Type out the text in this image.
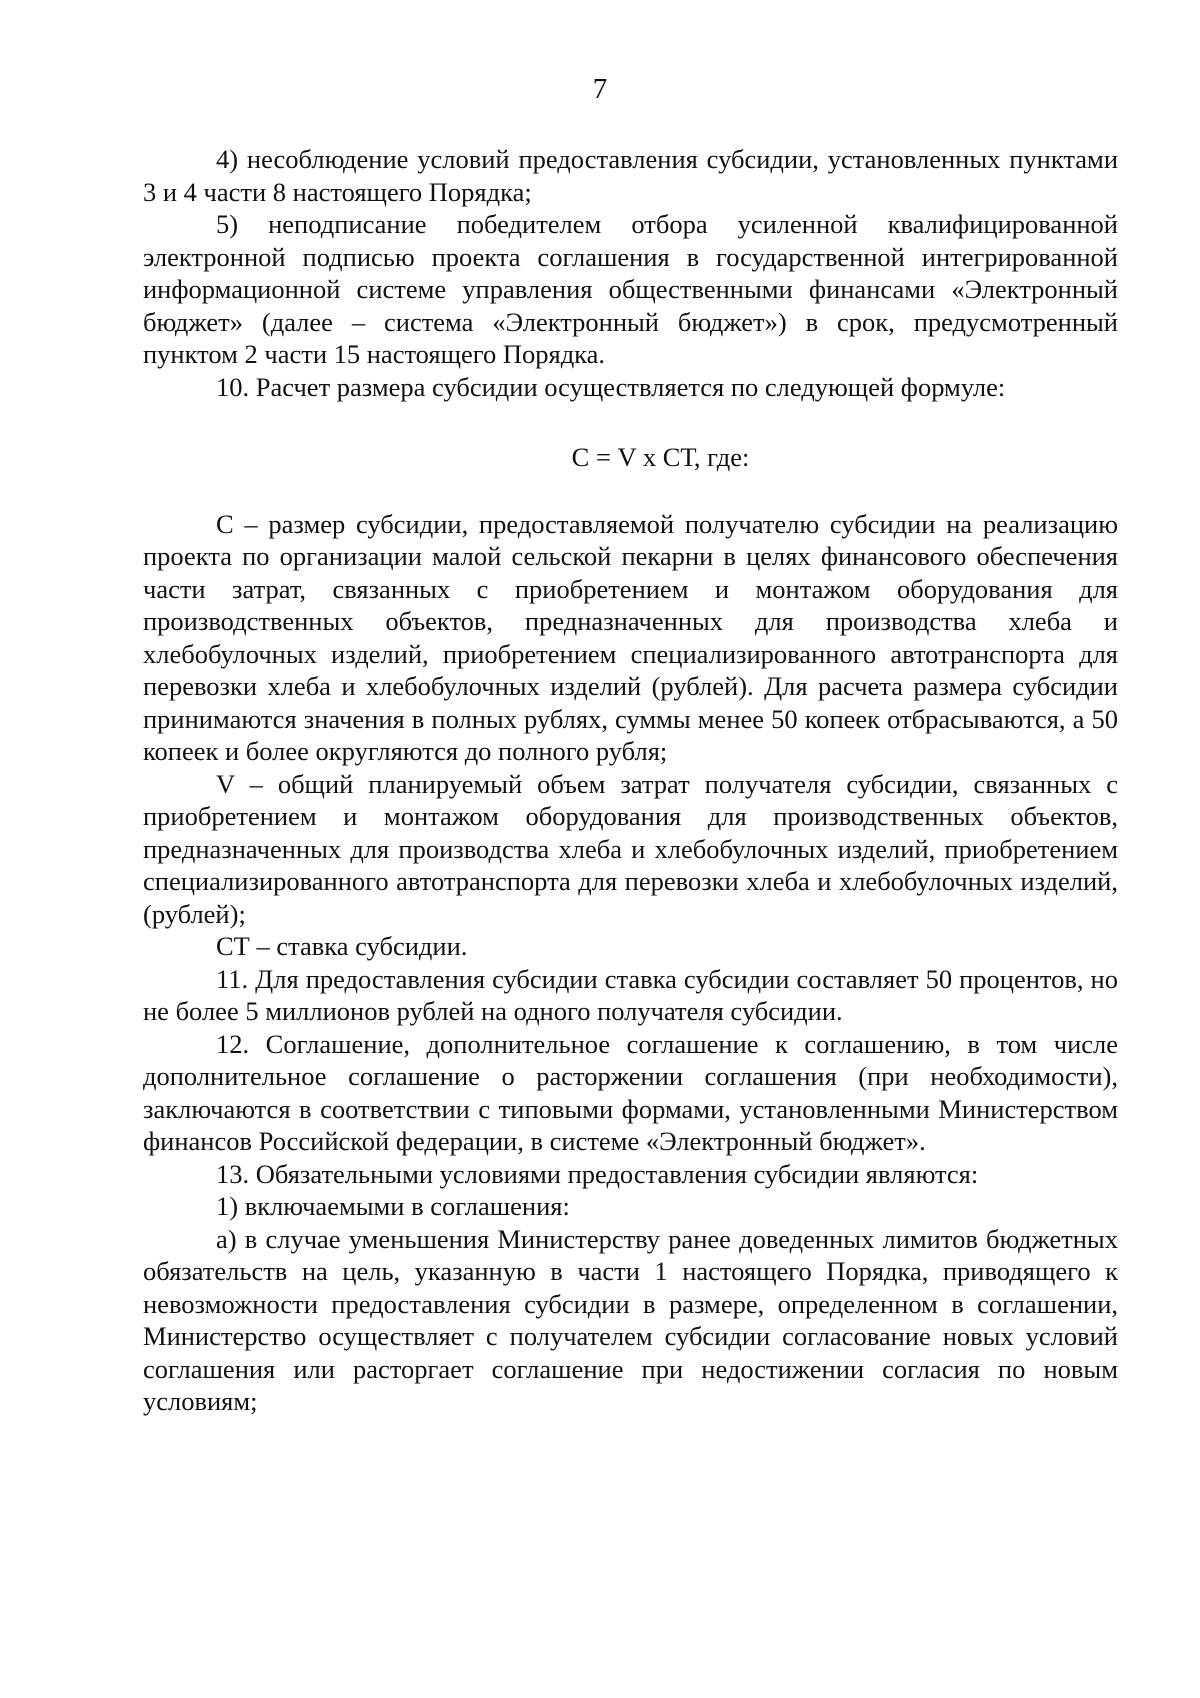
7

4) несоблюдение условий предоставления субсидии, установленных пунктами 3 и 4 части 8 настоящего Порядка;

5) неподписание победителем отбора усиленной квалифицированной электронной подписью проекта соглашения в государственной интегрированной информационной системе управления общественными финансами «Электронный бюджет» (далее – система «Электронный бюджет») в срок, предусмотренный пунктом 2 части 15 настоящего Порядка.

10. Расчет размера субсидии осуществляется по следующей формуле:

С = V x СТ, где:

С – размер субсидии, предоставляемой получателю субсидии на реализацию проекта по организации малой сельской пекарни в целях финансового обеспечения части затрат, связанных с приобретением и монтажом оборудования для производственных объектов, предназначенных для производства хлеба и хлебобулочных изделий, приобретением специализированного автотранспорта для перевозки хлеба и хлебобулочных изделий (рублей). Для расчета размера субсидии принимаются значения в полных рублях, суммы менее 50 копеек отбрасываются, а 50 копеек и более округляются до полного рубля;

V – общий планируемый объем затрат получателя субсидии, связанных с приобретением и монтажом оборудования для производственных объектов, предназначенных для производства хлеба и хлебобулочных изделий, приобретением специализированного автотранспорта для перевозки хлеба и хлебобулочных изделий, (рублей);

СТ – ставка субсидии.

11. Для предоставления субсидии ставка субсидии составляет 50 процентов, но не более 5 миллионов рублей на одного получателя субсидии.

12. Соглашение, дополнительное соглашение к соглашению, в том числе дополнительное соглашение о расторжении соглашения (при необходимости), заключаются в соответствии с типовыми формами, установленными Министерством финансов Российской федерации, в системе «Электронный бюджет».

13. Обязательными условиями предоставления субсидии являются:

1) включаемыми в соглашения:

а) в случае уменьшения Министерству ранее доведенных лимитов бюджетных обязательств на цель, указанную в части 1 настоящего Порядка, приводящего к невозможности предоставления субсидии в размере, определенном в соглашении, Министерство осуществляет с получателем субсидии согласование новых условий соглашения или расторгает соглашение при недостижении согласия по новым условиям;
